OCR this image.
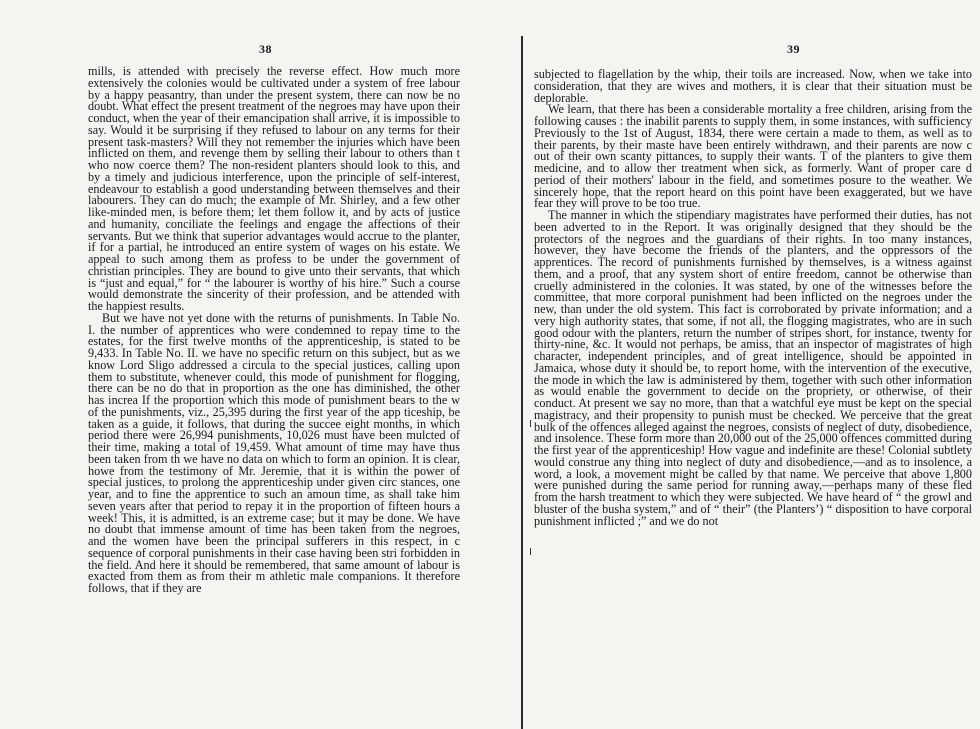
38

mills, is attended with precisely the reverse effect. How much more extensively the colonies would be cultivated under a system of free labour by a happy peasantry, than under the present system, there can now be no doubt. What effect the present treatment of the negroes may have upon their conduct, when the year of their emancipation shall arrive, it is impossible to say. Would it be surprising if they refused to labour on any terms for their present task-masters? Will they not remember the injuries which have been inflicted on them, and revenge them by selling their labour to others than t who now coerce them? The non-resident planters should look to this, and by a timely and judicious interference, upon the principle of self-interest, endeavour to establish a good understanding between themselves and their labourers. They can do much; the example of Mr. Shirley, and a few other like-minded men, is before them; let them follow it, and by acts of justice and humanity, conciliate the feelings and engage the affections of their servants. But we think that superior advantages would accrue to the planter, if for a partial, he introduced an entire system of wages on his estate. We appeal to such among them as profess to be under the government of christian principles. They are bound to give unto their servants, that which is “just and equal,” for “ the labourer is worthy of his hire.” Such a course would demonstrate the sincerity of their profession, and be attended with the happiest results.

But we have not yet done with the returns of punishments. In Table No. I. the number of apprentices who were condemned to repay time to the estates, for the first twelve months of the apprenticeship, is stated to be 9,433. In Table No. II. we have no specific return on this subject, but as we know Lord Sligo addressed a circula to the special justices, calling upon them to substitute, whenever could, this mode of punishment for flogging, there can be no do that in proportion as the one has diminished, the other has increa If the proportion which this mode of punishment bears to the w of the punishments, viz., 25,395 during the first year of the app ticeship, be taken as a guide, it follows, that during the succee eight months, in which period there were 26,994 punishments, 10,026 must have been mulcted of their time, making a total of 19,459. What amount of time may have thus been taken from th we have no data on which to form an opinion. It is clear, howe from the testimony of Mr. Jeremie, that it is within the power of special justices, to prolong the apprenticeship under given circ stances, one year, and to fine the apprentice to such an amoun time, as shall take him seven years after that period to repay it in the proportion of fifteen hours a week! This, it is admitted, is an extreme case; but it may be done. We have no doubt that immense amount of time has been taken from the negroes, and the women have been the principal sufferers in this respect, in c sequence of corporal punishments in their case having been stri forbidden in the field. And here it should be remembered, that same amount of labour is exacted from them as from their m athletic male companions. It therefore follows, that if they are

39

subjected to flagellation by the whip, their toils are increased. Now, when we take into consideration, that they are wives and mothers, it is clear that their situation must be deplorable.

We learn, that there has been a considerable mortality a free children, arising from the following causes : the inabilit parents to supply them, in some instances, with sufficiency Previously to the 1st of August, 1834, there were certain a made to them, as well as to their parents, by their maste have been entirely withdrawn, and their parents are now c out of their own scanty pittances, to supply their wants. T of the planters to give them medicine, and to allow ther treatment when sick, as formerly. Want of proper care d period of their mothers' labour in the field, and sometimes posure to the weather. We sincerely hope, that the report heard on this point have been exaggerated, but we have fear they will prove to be too true.

The manner in which the stipendiary magistrates have performed their duties, has not been adverted to in the Report. It was originally designed that they should be the protectors of the negroes and the guardians of their rights. In too many instances, however, they have become the friends of the planters, and the oppressors of the apprentices. The record of punishments furnished by themselves, is a witness against them, and a proof, that any system short of entire freedom, cannot be otherwise than cruelly administered in the colonies. It was stated, by one of the witnesses before the committee, that more corporal punishment had been inflicted on the negroes under the new, than under the old system. This fact is corroborated by private information; and a very high authority states, that some, if not all, the flogging magistrates, who are in such good odour with the planters, return the number of stripes short, for instance, twenty for thirty-nine, &c. It would not perhaps, be amiss, that an inspector of magistrates of high character, independent principles, and of great intelligence, should be appointed in Jamaica, whose duty it should be, to report home, with the intervention of the executive, the mode in which the law is administered by them, together with such other information as would enable the government to decide on the propriety, or otherwise, of their conduct. At present we say no more, than that a watchful eye must be kept on the special magistracy, and their propensity to punish must be checked. We perceive that the great bulk of the offences alleged against the negroes, consists of neglect of duty, disobedience, and insolence. These form more than 20,000 out of the 25,000 offences committed during the first year of the apprenticeship! How vague and indefinite are these! Colonial subtlety would construe any thing into neglect of duty and disobedience,—and as to insolence, a word, a look, a movement might be called by that name. We perceive that above 1,800 were punished during the same period for running away,—perhaps many of these fled from the harsh treatment to which they were subjected. We have heard of “ the growl and bluster of the busha system,” and of “ their” (the Planters’) “ disposition to have corporal punishment inflicted ;” and we do not
